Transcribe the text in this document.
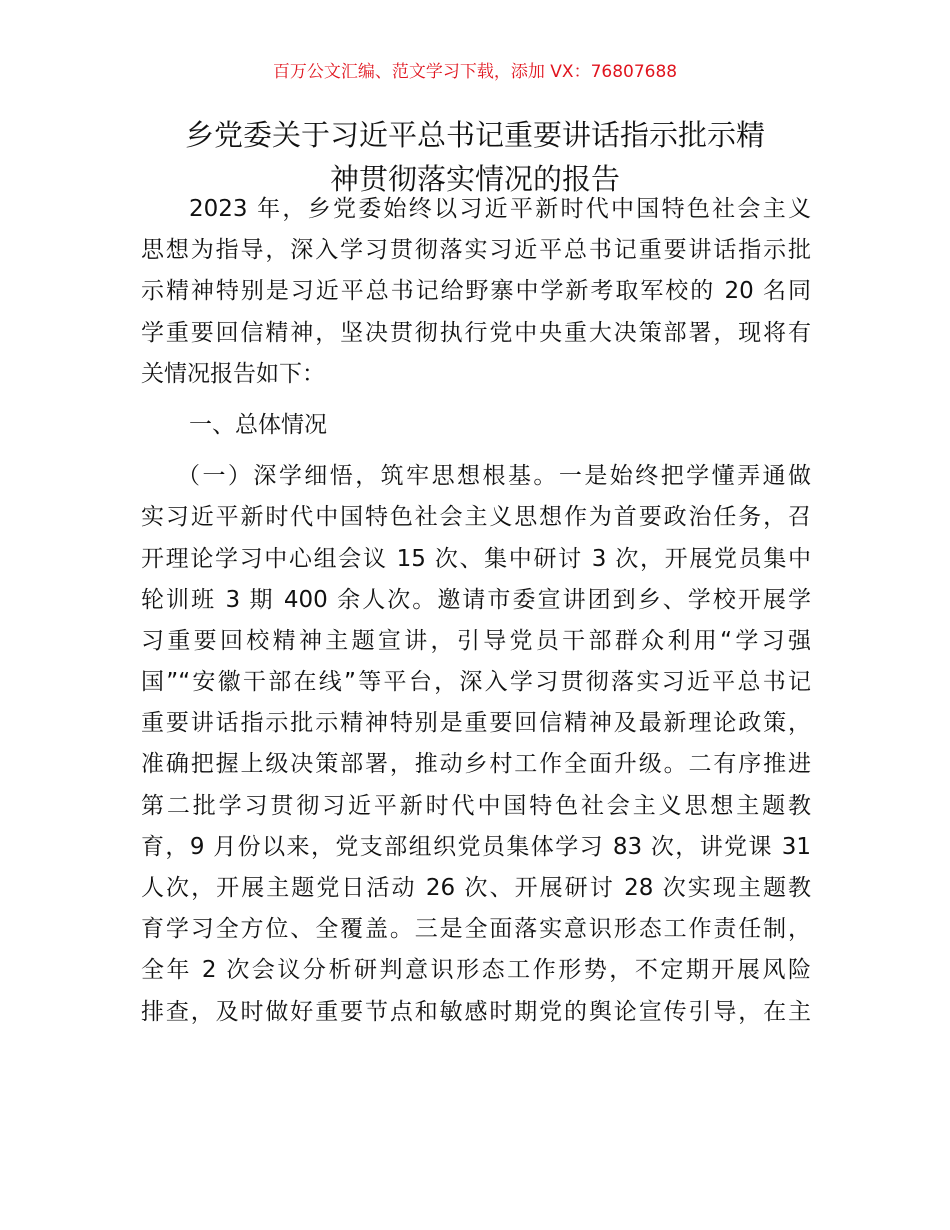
百万公文汇编、范文学习下载，添加 VX：76807688
乡党委关于习近平总书记重要讲话指示批示精
神贯彻落实情况的报告
2023 年，乡党委始终以习近平新时代中国特色社会主义
思想为指导，深入学习贯彻落实习近平总书记重要讲话指示批
示精神特别是习近平总书记给野寨中学新考取军校的 20 名同
学重要回信精神，坚决贯彻执行党中央重大决策部署，现将有
关情况报告如下：
一、总体情况
（一）深学细悟，筑牢思想根基。一是始终把学懂弄通做
实习近平新时代中国特色社会主义思想作为首要政治任务，召
开理论学习中心组会议 15 次、集中研讨 3 次，开展党员集中
轮训班 3 期 400 余人次。邀请市委宣讲团到乡、学校开展学
习重要回校精神主题宣讲，引导党员干部群众利用“学习强
国”“安徽干部在线”等平台，深入学习贯彻落实习近平总书记
重要讲话指示批示精神特别是重要回信精神及最新理论政策，
准确把握上级决策部署，推动乡村工作全面升级。二有序推进
第二批学习贯彻习近平新时代中国特色社会主义思想主题教
育，9 月份以来，党支部组织党员集体学习 83 次，讲党课 31
人次，开展主题党日活动 26 次、开展研讨 28 次实现主题教
育学习全方位、全覆盖。三是全面落实意识形态工作责任制，
全年 2 次会议分析研判意识形态工作形势，不定期开展风险
排查，及时做好重要节点和敏感时期党的舆论宣传引导，在主
